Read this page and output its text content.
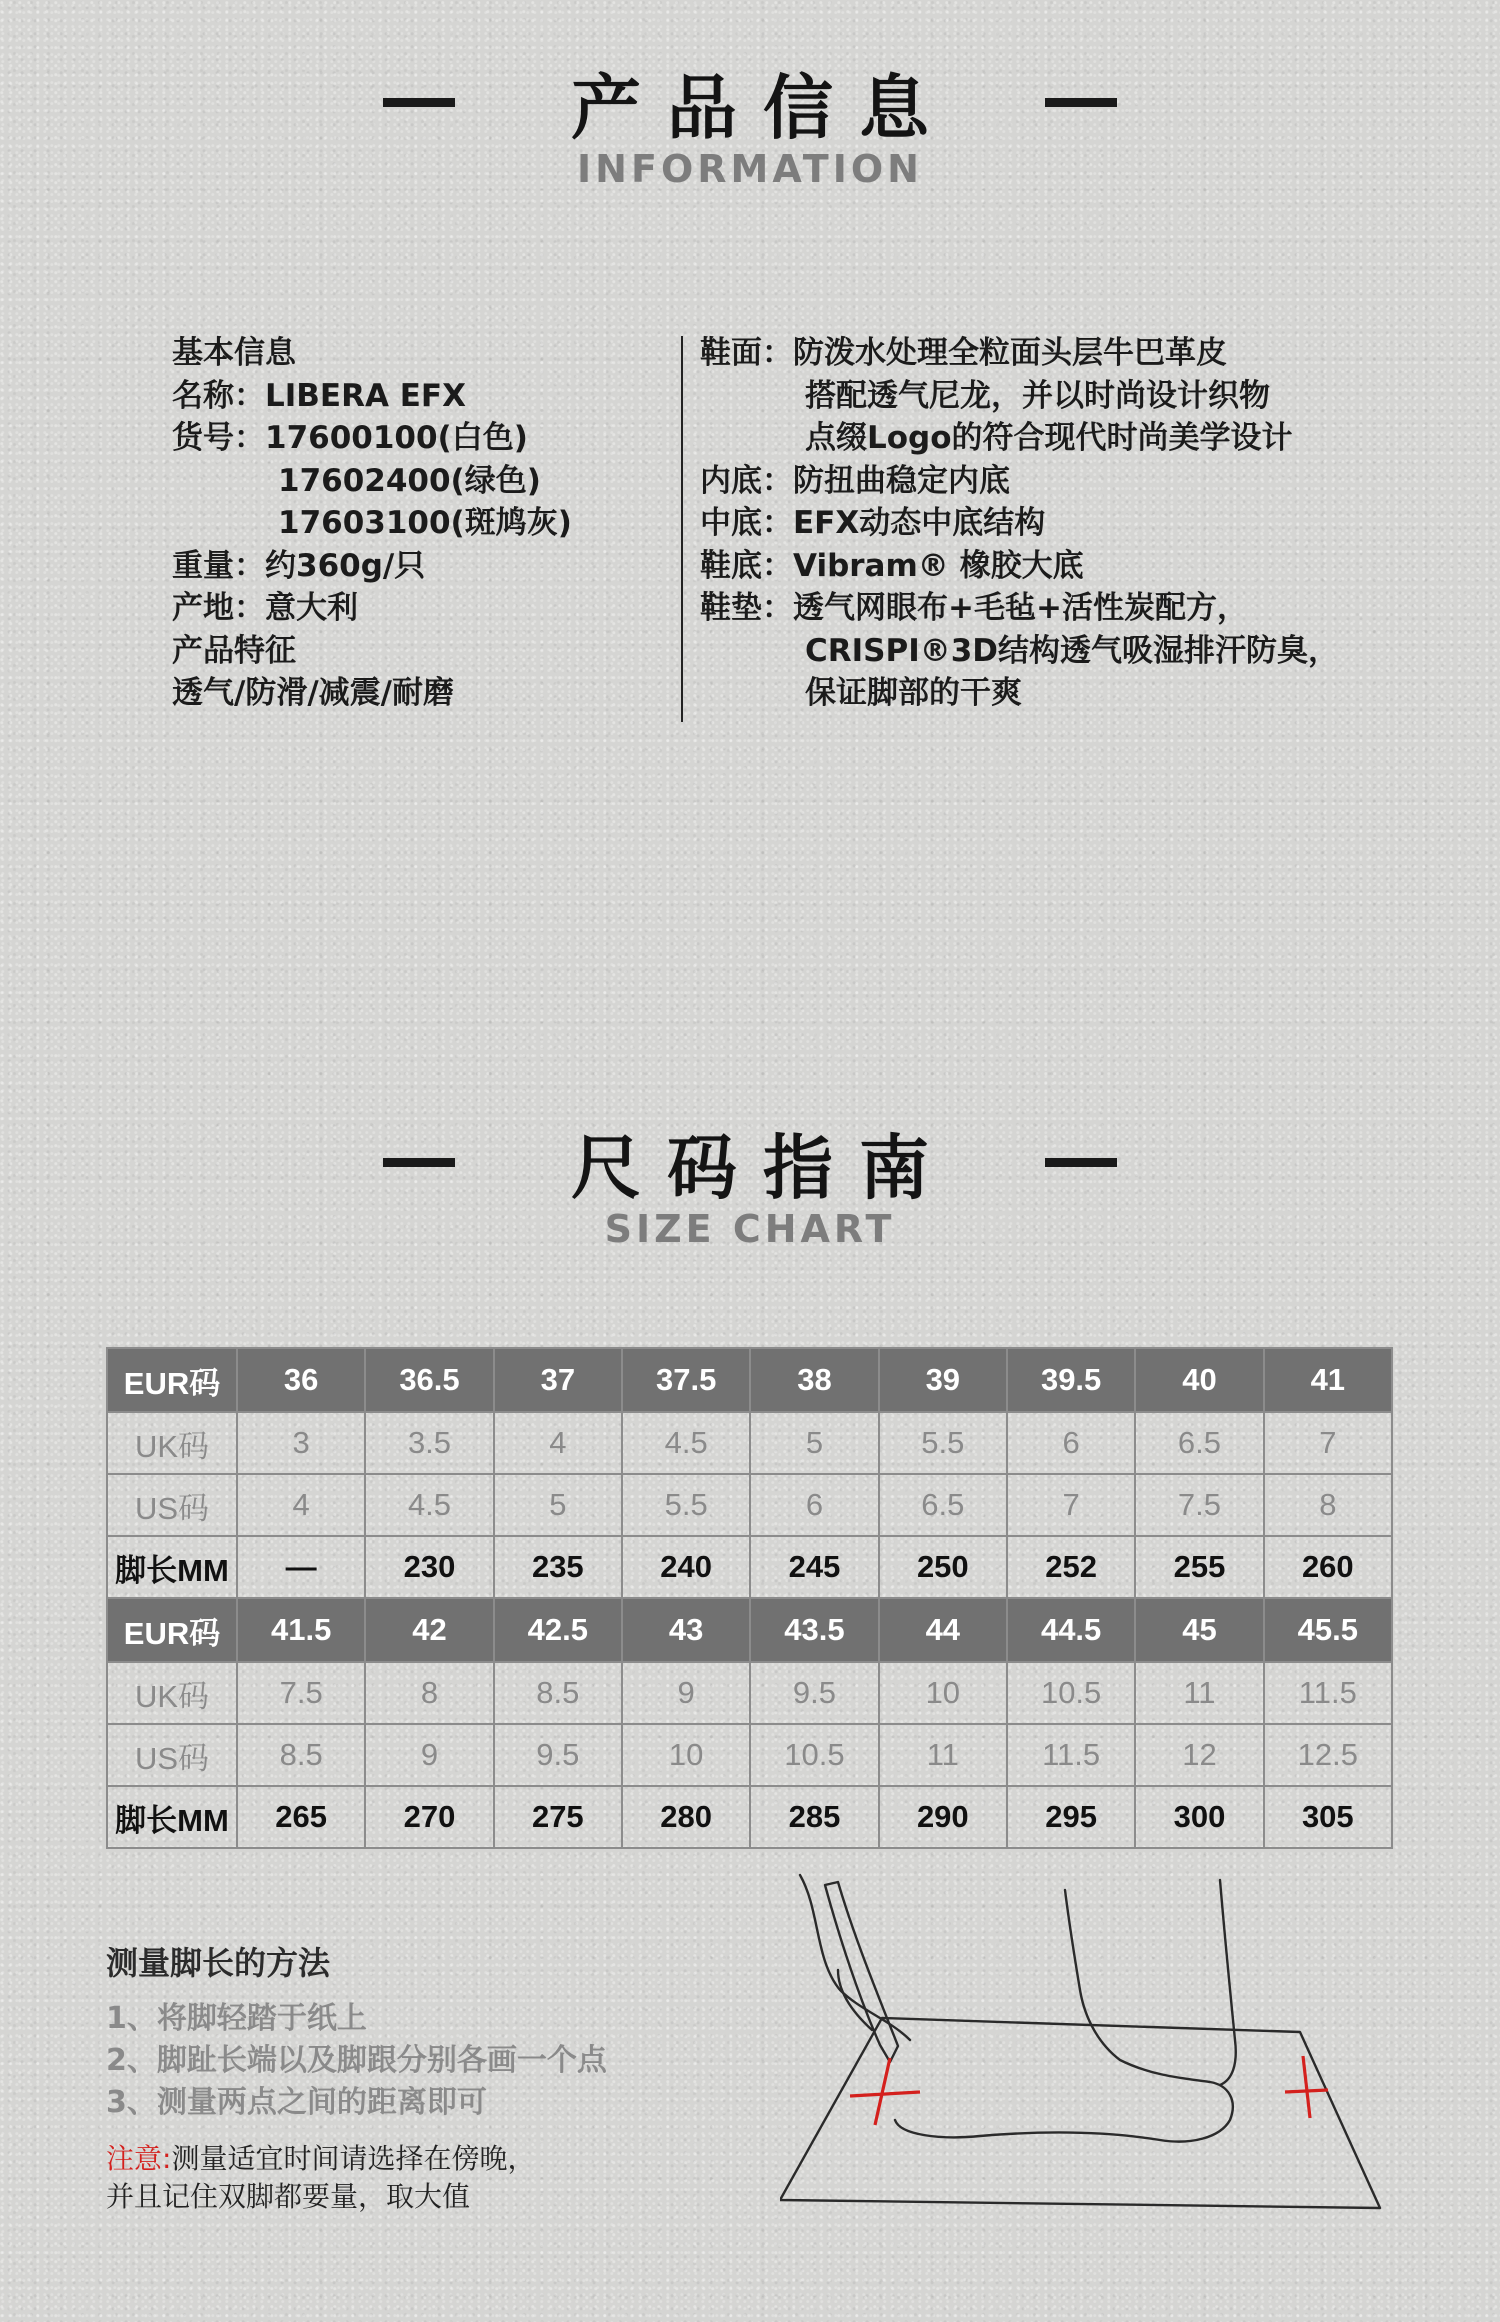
产品信息
INFORMATION
基本信息
名称：LIBERA EFX
货号：17600100(白色)
17602400(绿色)
17603100(斑鸠灰)
重量：约360g/只
产地：意大利
产品特征
透气/防滑/减震/耐磨
鞋面：防泼水处理全粒面头层牛巴革皮
搭配透气尼龙，并以时尚设计织物
点缀Logo的符合现代时尚美学设计
内底：防扭曲稳定内底
中底：EFX动态中底结构
鞋底：Vibram® 橡胶大底
鞋垫：透气网眼布+毛毡+活性炭配方，
CRISPI®3D结构透气吸湿排汗防臭，
保证脚部的干爽
尺码指南
SIZE CHART
EUR码	36	36.5	37	37.5	38	39	39.5	40	41
UK码	3	3.5	4	4.5	5	5.5	6	6.5	7
US码	4	4.5	5	5.5	6	6.5	7	7.5	8
脚长MM	—	230	235	240	245	250	252	255	260
EUR码	41.5	42	42.5	43	43.5	44	44.5	45	45.5
UK码	7.5	8	8.5	9	9.5	10	10.5	11	11.5
US码	8.5	9	9.5	10	10.5	11	11.5	12	12.5
脚长MM	265	270	275	280	285	290	295	300	305
测量脚长的方法
1、将脚轻踏于纸上
2、脚趾长端以及脚跟分别各画一个点
3、测量两点之间的距离即可
注意:测量适宜时间请选择在傍晚，
并且记住双脚都要量，取大值
